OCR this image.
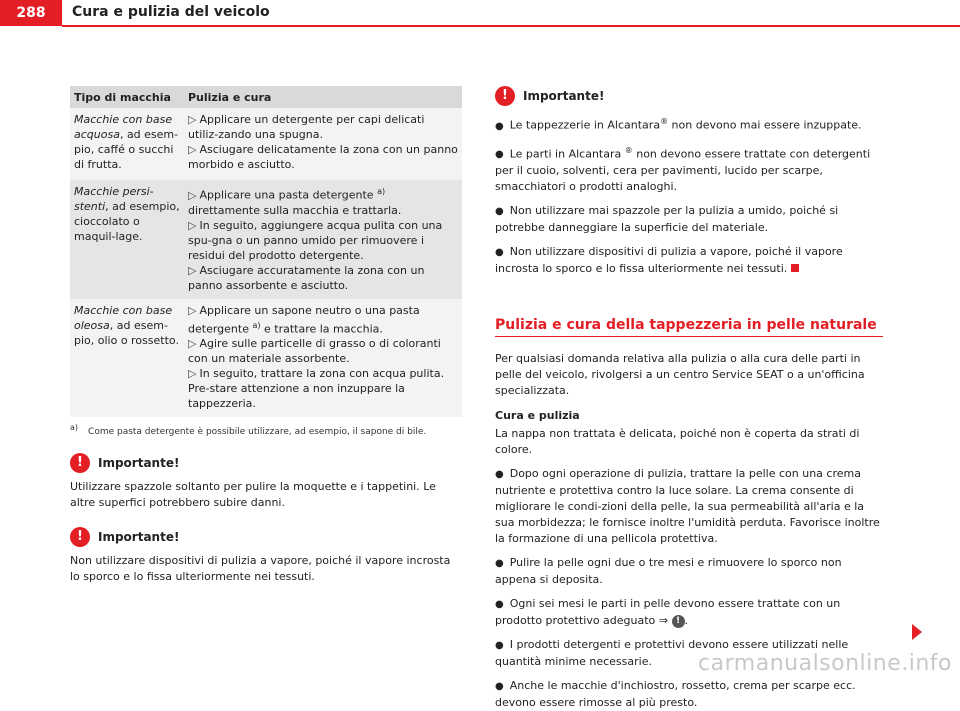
288	Cura e pulizia del veicolo
Tipo di macchia	Pulizia e cura
Macchie con base acquosa, ad esem-pio, caffé o succhi di frutta.	▷ Applicare un detergente per capi delicati utiliz-zando una spugna.
▷ Asciugare delicatamente la zona con un panno morbido e asciutto.

Macchie persi-stenti, ad esempio, cioccolato o maquil-lage.	▷ Applicare una pasta detergente $^{a)}$ direttamente sulla macchia e trattarla.
▷ In seguito, aggiungere acqua pulita con una spu-gna o un panno umido per rimuovere i residui del prodotto detergente.
▷ Asciugare accuratamente la zona con un panno assorbente e asciutto.

Macchie con base oleosa, ad esem-pio, olio o rossetto.	▷ Applicare un sapone neutro o una pasta detergente $^{a)}$ e trattare la macchia.
▷ Agire sulle particelle di grasso o di coloranti con un materiale assorbente.
▷ In seguito, trattare la zona con acqua pulita. Pre-stare attenzione a non inzuppare la tappezzeria.
$^{a)}$ Come pasta detergente è possibile utilizzare, ad esempio, il sapone di bile.
!	Importante!

Utilizzare spazzole soltanto per pulire la moquette e i tappetini. Le altre superfici potrebbero subire danni.

!	Importante!

Non utilizzare dispositivi di pulizia a vapore, poiché il vapore incrosta lo sporco e lo fissa ulteriormente nei tessuti.

!	Importante!

● Le tappezzerie in Alcantara® non devono mai essere inzuppate.

● Le parti in Alcantara ® non devono essere trattate con detergenti per il cuoio, solventi, cera per pavimenti, lucido per scarpe, smacchiatori o prodotti analoghi.

● Non utilizzare mai spazzole per la pulizia a umido, poiché si potrebbe danneggiare la superficie del materiale.

● Non utilizzare dispositivi di pulizia a vapore, poiché il vapore incrosta lo sporco e lo fissa ulteriormente nei tessuti.

Pulizia e cura della tappezzeria in pelle naturale

Per qualsiasi domanda relativa alla pulizia o alla cura delle parti in pelle del veicolo, rivolgersi a un centro Service SEAT o a un'officina specializzata.

Cura e pulizia

La nappa non trattata è delicata, poiché non è coperta da strati di colore.

● Dopo ogni operazione di pulizia, trattare la pelle con una crema nutriente e protettiva contro la luce solare. La crema consente di migliorare le condi-zioni della pelle, la sua permeabilità all'aria e la sua morbidezza; le fornisce inoltre l'umidità perduta. Favorisce inoltre la formazione di una pellicola protettiva.

● Pulire la pelle ogni due o tre mesi e rimuovere lo sporco non appena si deposita.

● Ogni sei mesi le parti in pelle devono essere trattate con un prodotto protettivo adeguato ⇒ ! .

● I prodotti detergenti e protettivi devono essere utilizzati nelle quantità minime necessarie.

● Anche le macchie d'inchiostro, rossetto, crema per scarpe ecc. devono essere rimosse al più presto.

carmanualsonline.info
